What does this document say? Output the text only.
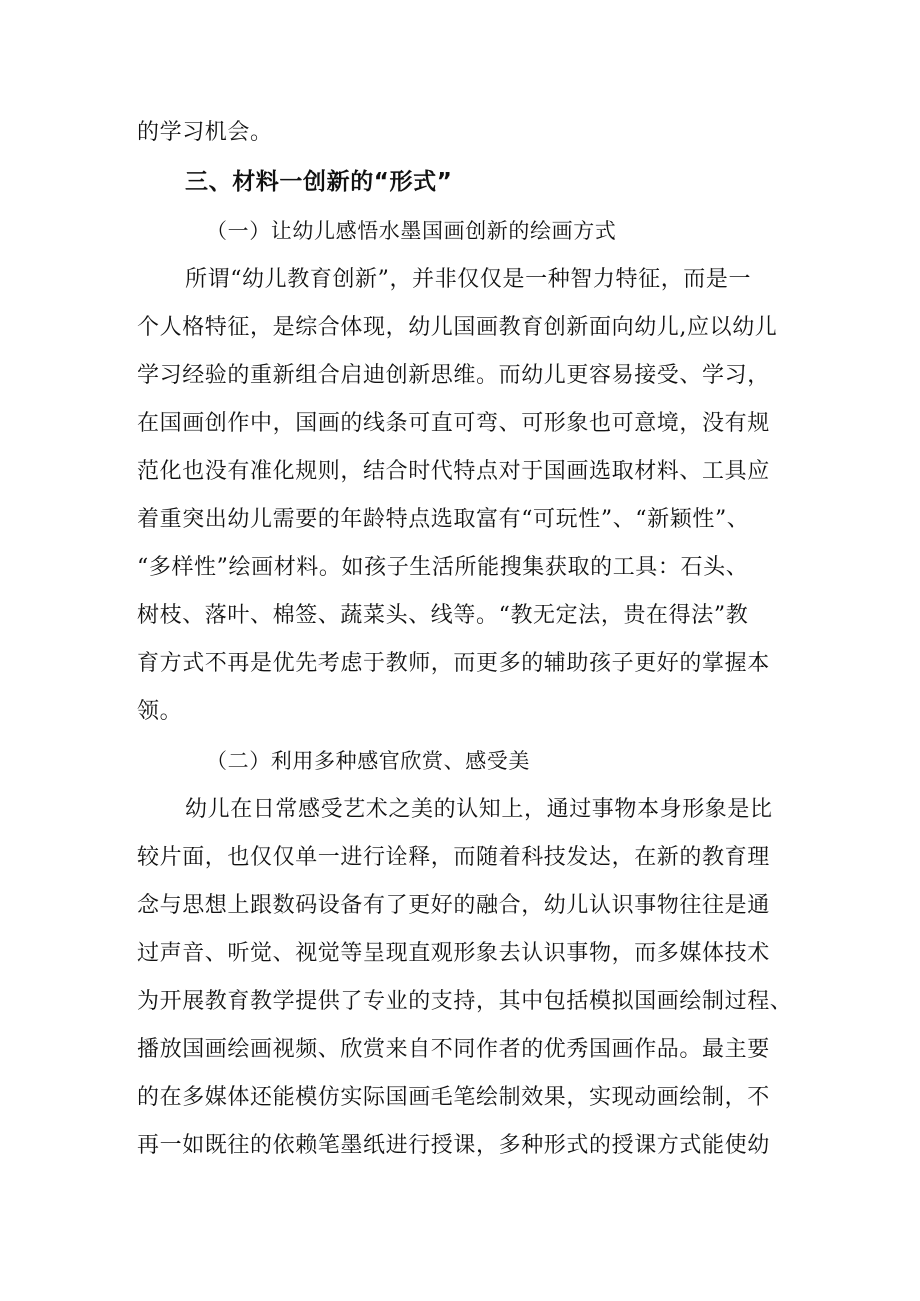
的学习机会。
三、材料一创新的“形式”
（一）让幼儿感悟水墨国画创新的绘画方式
所谓“幼儿教育创新”，并非仅仅是一种智力特征，而是一
个人格特征，是综合体现，幼儿国画教育创新面向幼儿,应以幼儿
学习经验的重新组合启迪创新思维。而幼儿更容易接受、学习，
在国画创作中，国画的线条可直可弯、可形象也可意境，没有规
范化也没有准化规则，结合时代特点对于国画选取材料、工具应
着重突出幼儿需要的年龄特点选取富有“可玩性”、“新颖性”、
“多样性”绘画材料。如孩子生活所能搜集获取的工具：石头、
树枝、落叶、棉签、蔬菜头、线等。“教无定法，贵在得法”教
育方式不再是优先考虑于教师，而更多的辅助孩子更好的掌握本
领。
（二）利用多种感官欣赏、感受美
幼儿在日常感受艺术之美的认知上，通过事物本身形象是比
较片面，也仅仅单一进行诠释，而随着科技发达，在新的教育理
念与思想上跟数码设备有了更好的融合，幼儿认识事物往往是通
过声音、听觉、视觉等呈现直观形象去认识事物，而多媒体技术
为开展教育教学提供了专业的支持，其中包括模拟国画绘制过程、
播放国画绘画视频、欣赏来自不同作者的优秀国画作品。最主要
的在多媒体还能模仿实际国画毛笔绘制效果，实现动画绘制，不
再一如既往的依赖笔墨纸进行授课，多种形式的授课方式能使幼
